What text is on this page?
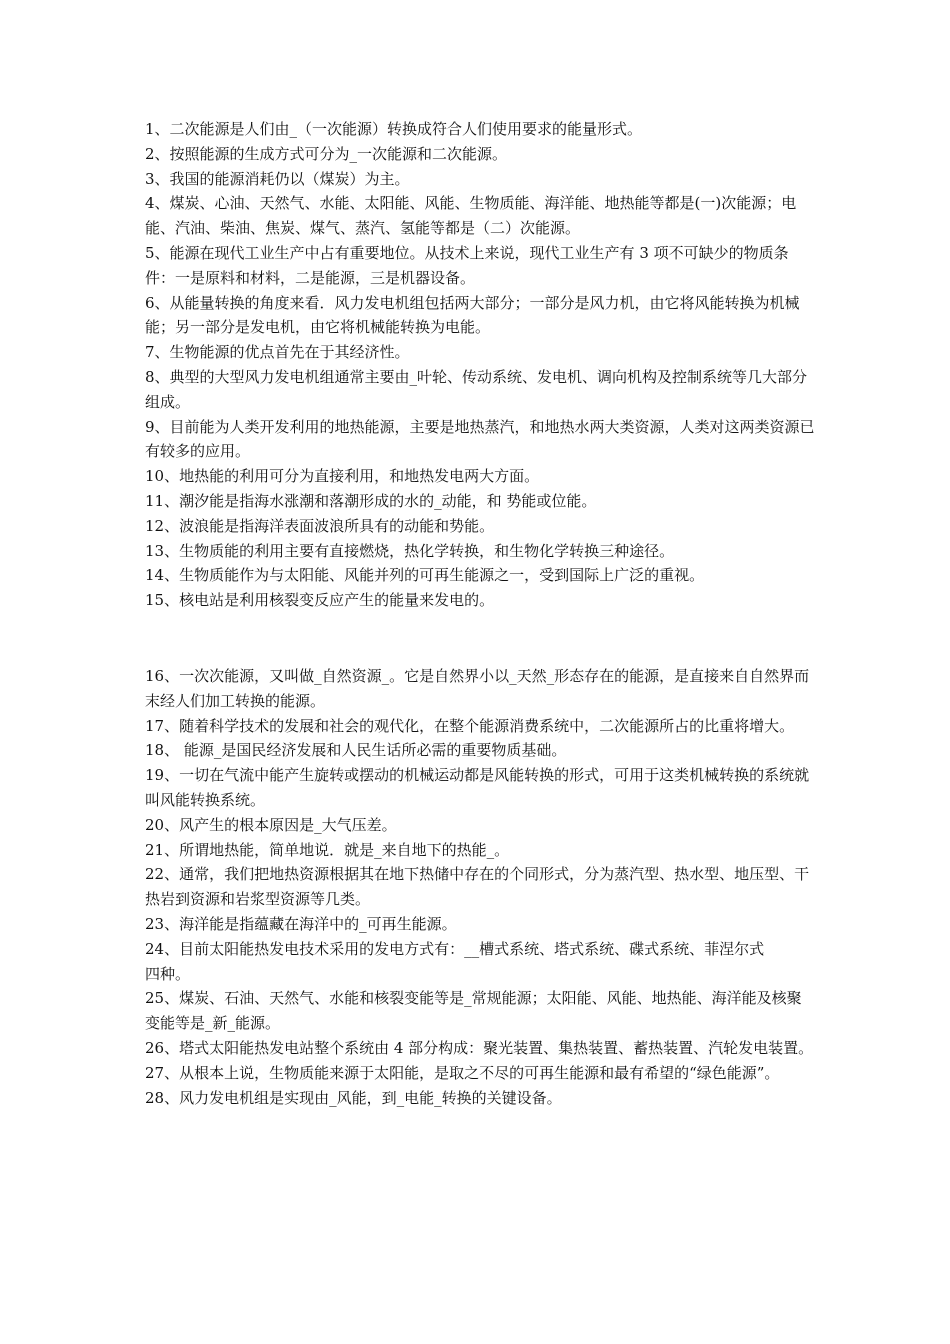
1、二次能源是人们由_（一次能源）转换成符合人们使用要求的能量形式。

2、按照能源的生成方式可分为_一次能源和二次能源。

3、我国的能源消耗仍以（煤炭）为主。

4、煤炭、心油、天然气、水能、太阳能、风能、生物质能、海洋能、地热能等都是(一)次能源；电能、汽油、柴油、焦炭、煤气、蒸汽、氢能等都是（二）次能源。

5、能源在现代工业生产中占有重要地位。从技术上来说，现代工业生产有 3 项不可缺少的物质条件：一是原料和材料，二是能源，三是机器设备。

6、从能量转换的角度来看．风力发电机组包括两大部分；一部分是风力机，由它将风能转换为机械能；另一部分是发电机，由它将机械能转换为电能。

7、生物能源的优点首先在于其经济性。

8、典型的大型风力发电机组通常主要由_叶轮、传动系统、发电机、调向机构及控制系统等几大部分组成。

9、目前能为人类开发利用的地热能源，主要是地热蒸汽，和地热水两大类资源，人类对这两类资源已有较多的应用。

10、地热能的利用可分为直接利用，和地热发电两大方面。

11、潮汐能是指海水涨潮和落潮形成的水的_动能，和 势能或位能。

12、波浪能是指海洋表面波浪所具有的动能和势能。

13、生物质能的利用主要有直接燃烧，热化学转换，和生物化学转换三种途径。

14、生物质能作为与太阳能、风能并列的可再生能源之一，受到国际上广泛的重视。

15、核电站是利用核裂变反应产生的能量来发电的。

16、一次次能源，又叫做_自然资源_。它是自然界小以_天然_形态存在的能源，是直接来自自然界而末经人们加工转换的能源。

17、随着科学技术的发展和社会的观代化，在整个能源消费系统中，二次能源所占的比重将增大。

18、 能源_是国民经济发展和人民生话所必需的重要物质基础。

19、一切在气流中能产生旋转或摆动的机械运动都是风能转换的形式，可用于这类机械转换的系统就叫风能转换系统。

20、风产生的根本原因是_大气压差。

21、所谓地热能，简单地说．就是_来自地下的热能_。

22、通常，我们把地热资源根据其在地下热储中存在的个同形式，分为蒸汽型、热水型、地压型、干热岩到资源和岩浆型资源等几类。

23、海洋能是指蕴藏在海洋中的_可再生能源。

24、目前太阳能热发电技术采用的发电方式有：__槽式系统、塔式系统、碟式系统、菲涅尔式

四种。

25、煤炭、石油、天然气、水能和核裂变能等是_常规能源；太阳能、风能、地热能、海洋能及核聚变能等是_新_能源。

26、塔式太阳能热发电站整个系统由 4 部分构成：聚光装置、集热装置、蓄热装置、汽轮发电装置。

27、从根本上说，生物质能来源于太阳能，是取之不尽的可再生能源和最有希望的“绿色能源”。

28、风力发电机组是实现由_风能，到_电能_转换的关键设备。
